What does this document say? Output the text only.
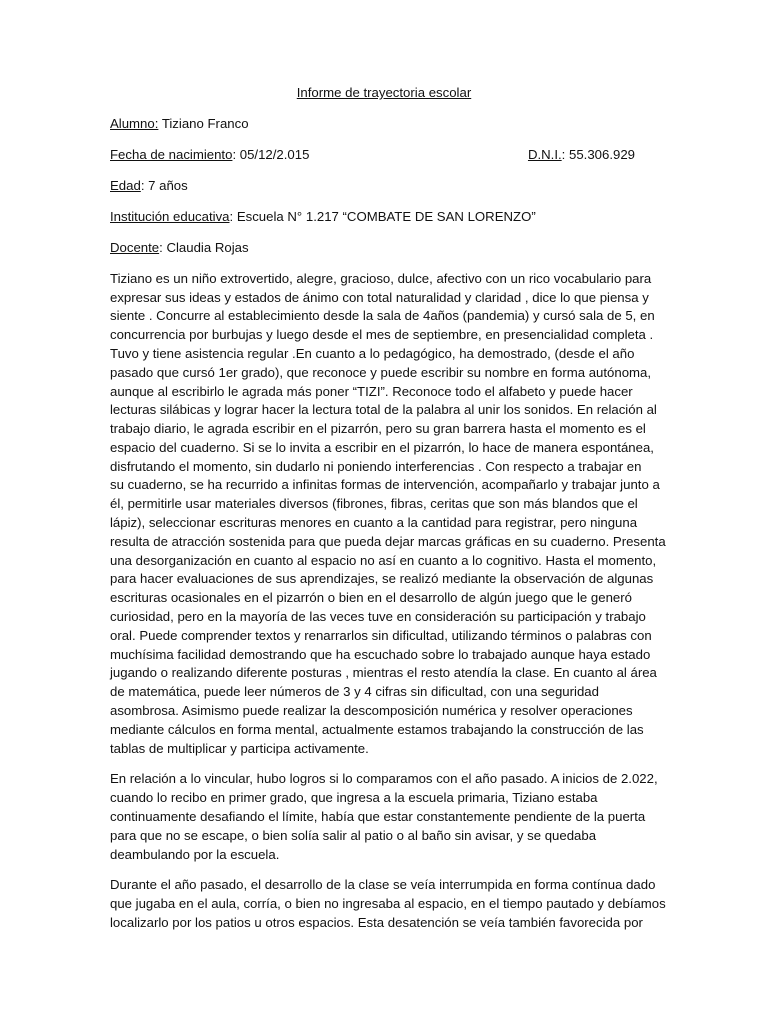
Informe de trayectoria escolar
Alumno: Tiziano Franco
Fecha de nacimiento: 05/12/2.015	D.N.I.: 55.306.929
Edad: 7 años
Institución educativa: Escuela N° 1.217 “COMBATE DE SAN LORENZO”
Docente: Claudia Rojas
Tiziano es un niño extrovertido, alegre, gracioso, dulce, afectivo con un rico vocabulario para
expresar sus ideas y estados de ánimo con total naturalidad y claridad , dice lo que piensa y
siente . Concurre al establecimiento desde la sala de 4años (pandemia) y cursó sala de 5, en
concurrencia por burbujas y luego desde el mes de septiembre, en presencialidad completa .
Tuvo y tiene asistencia regular .En cuanto a lo pedagógico, ha demostrado, (desde el año
pasado que cursó 1er grado), que reconoce y puede escribir su nombre en forma autónoma,
aunque al escribirlo le agrada más poner “TIZI”. Reconoce todo el alfabeto y puede hacer
lecturas silábicas y lograr hacer la lectura total de la palabra al unir los sonidos. En relación al
trabajo diario, le agrada escribir en el pizarrón, pero su gran barrera hasta el momento es el
espacio del cuaderno. Si se lo invita a escribir en el pizarrón, lo hace de manera espontánea,
disfrutando el momento, sin dudarlo ni poniendo interferencias . Con respecto a trabajar en
su cuaderno, se ha recurrido a infinitas formas de intervención, acompañarlo y trabajar junto a
él, permitirle usar materiales diversos (fibrones, fibras, ceritas que son más blandos que el
lápiz), seleccionar escrituras menores en cuanto a la cantidad para registrar, pero ninguna
resulta de atracción sostenida para que pueda dejar marcas gráficas en su cuaderno. Presenta
una desorganización en cuanto al espacio no así en cuanto a lo cognitivo. Hasta el momento,
para hacer evaluaciones de sus aprendizajes, se realizó mediante la observación de algunas
escrituras ocasionales en el pizarrón o bien en el desarrollo de algún juego que le generó
curiosidad, pero en la mayoría de las veces tuve en consideración su participación y trabajo
oral. Puede comprender textos y renarrarlos sin dificultad, utilizando términos o palabras con
muchísima facilidad demostrando que ha escuchado sobre lo trabajado aunque haya estado
jugando o realizando diferente posturas , mientras el resto atendía la clase. En cuanto al área
de matemática, puede leer números de 3 y 4 cifras sin dificultad, con una seguridad
asombrosa. Asimismo puede realizar la descomposición numérica y resolver operaciones
mediante cálculos en forma mental, actualmente estamos trabajando la construcción de las
tablas de multiplicar y participa activamente.
En relación a lo vincular, hubo logros si lo comparamos con el año pasado. A inicios de 2.022,
cuando lo recibo en primer grado, que ingresa a la escuela primaria, Tiziano estaba
continuamente desafiando el límite, había que estar constantemente pendiente de la puerta
para que no se escape, o bien solía salir al patio o al baño sin avisar, y se quedaba
deambulando por la escuela.
Durante el año pasado, el desarrollo de la clase se veía interrumpida en forma contínua dado
que jugaba en el aula, corría, o bien no ingresaba al espacio, en el tiempo pautado y debíamos
localizarlo por los patios u otros espacios. Esta desatención se veía también favorecida por
